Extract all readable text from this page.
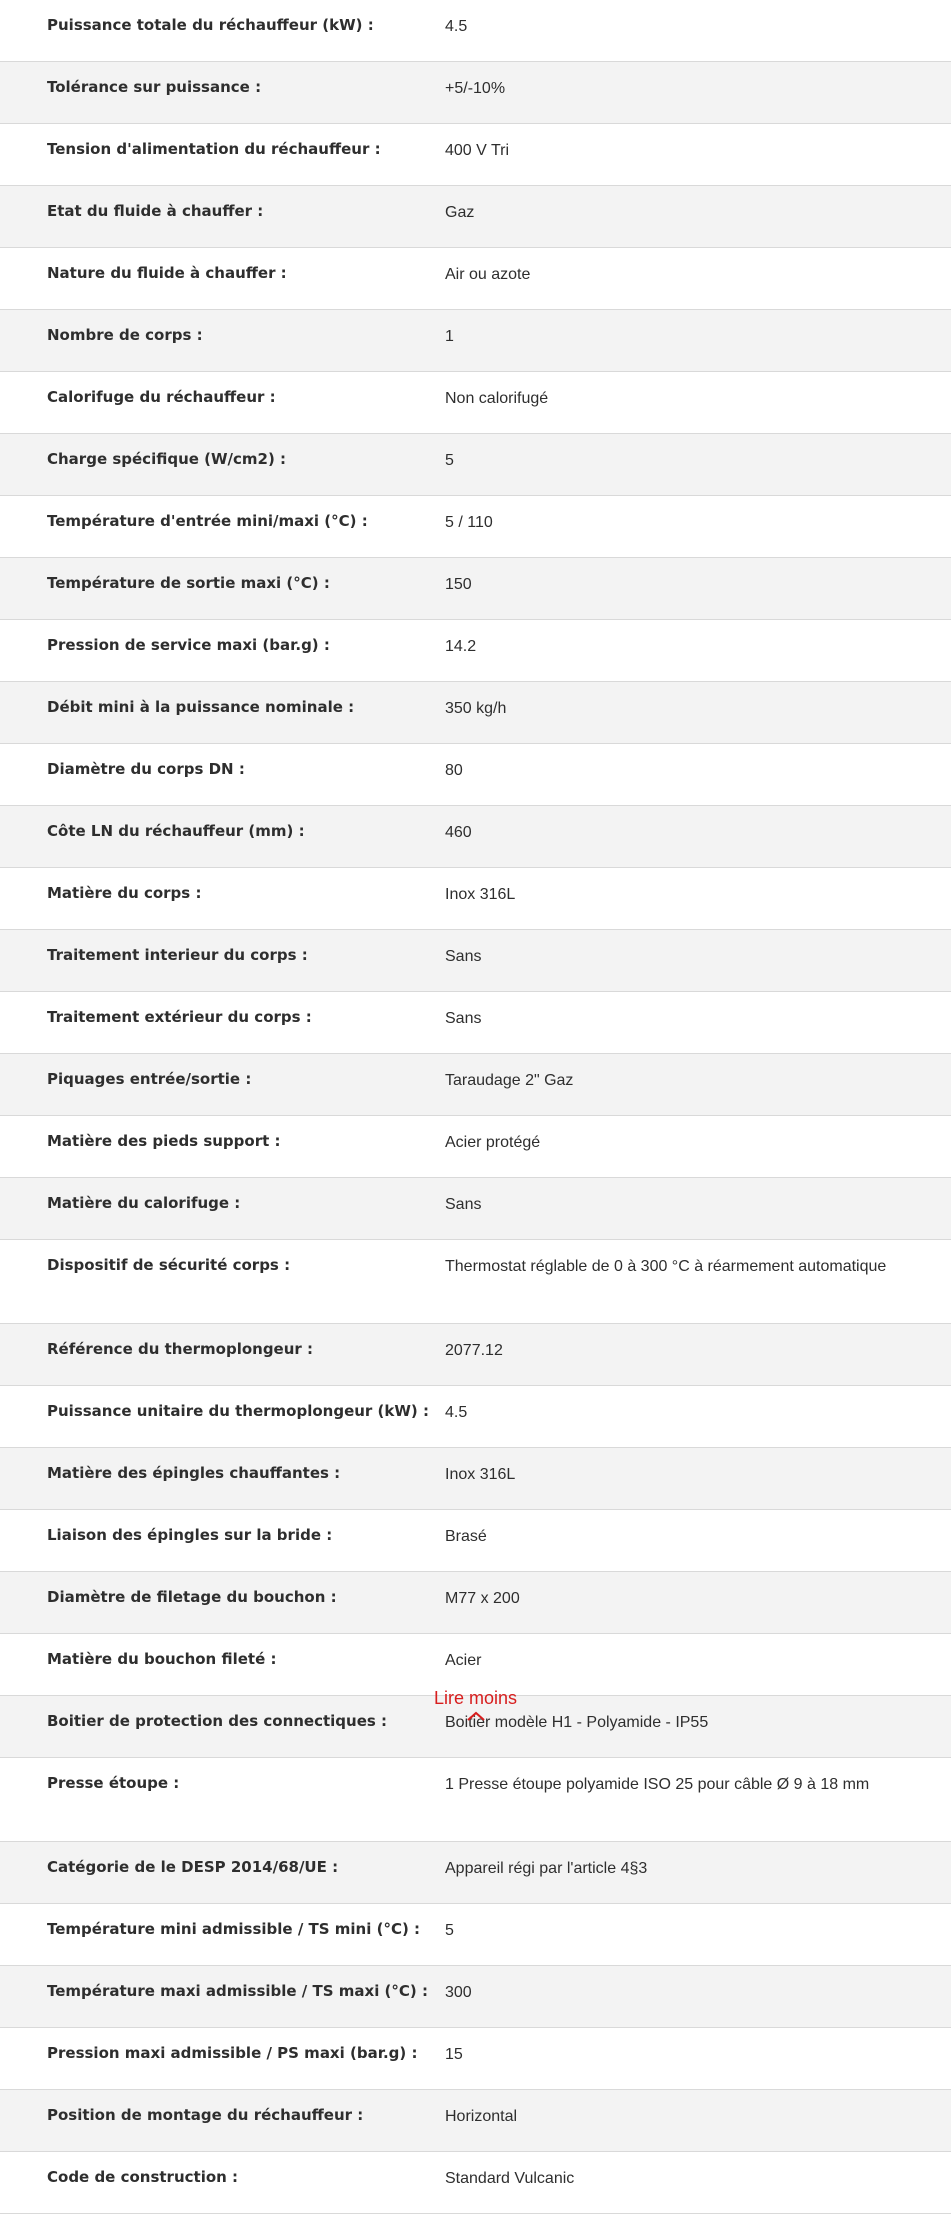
Puissance totale du réchauffeur (kW) :	4.5
Tolérance sur puissance :	+5/-10%
Tension d'alimentation du réchauffeur :	400 V Tri
Etat du fluide à chauffer :	Gaz
Nature du fluide à chauffer :	Air ou azote
Nombre de corps :	1
Calorifuge du réchauffeur :	Non calorifugé
Charge spécifique (W/cm2) :	5
Température d'entrée mini/maxi (°C) :	5 / 110
Température de sortie maxi (°C) :	150
Pression de service maxi (bar.g) :	14.2
Débit mini à la puissance nominale :	350 kg/h
Diamètre du corps DN :	80
Côte LN du réchauffeur (mm) :	460
Matière du corps :	Inox 316L
Traitement interieur du corps :	Sans
Traitement extérieur du corps :	Sans
Piquages entrée/sortie :	Taraudage 2" Gaz
Matière des pieds support :	Acier protégé
Matière du calorifuge :	Sans
Dispositif de sécurité corps :	Thermostat réglable de 0 à 300 °C à réarmement automatique
Référence du thermoplongeur :	2077.12
Puissance unitaire du thermoplongeur (kW) :	4.5
Matière des épingles chauffantes :	Inox 316L
Liaison des épingles sur la bride :	Brasé
Diamètre de filetage du bouchon :	M77 x 200
Matière du bouchon fileté :	Acier
Boitier de protection des connectiques :	Boitier modèle H1 - Polyamide - IP55
Presse étoupe :	1 Presse étoupe polyamide ISO 25 pour câble Ø 9 à 18 mm
Catégorie de le DESP 2014/68/UE :	Appareil régi par l'article 4§3
Température mini admissible / TS mini (°C) :	5
Température maxi admissible / TS maxi (°C) :	300
Pression maxi admissible / PS maxi (bar.g) :	15
Position de montage du réchauffeur :	Horizontal
Code de construction :	Standard Vulcanic
Lire moins
